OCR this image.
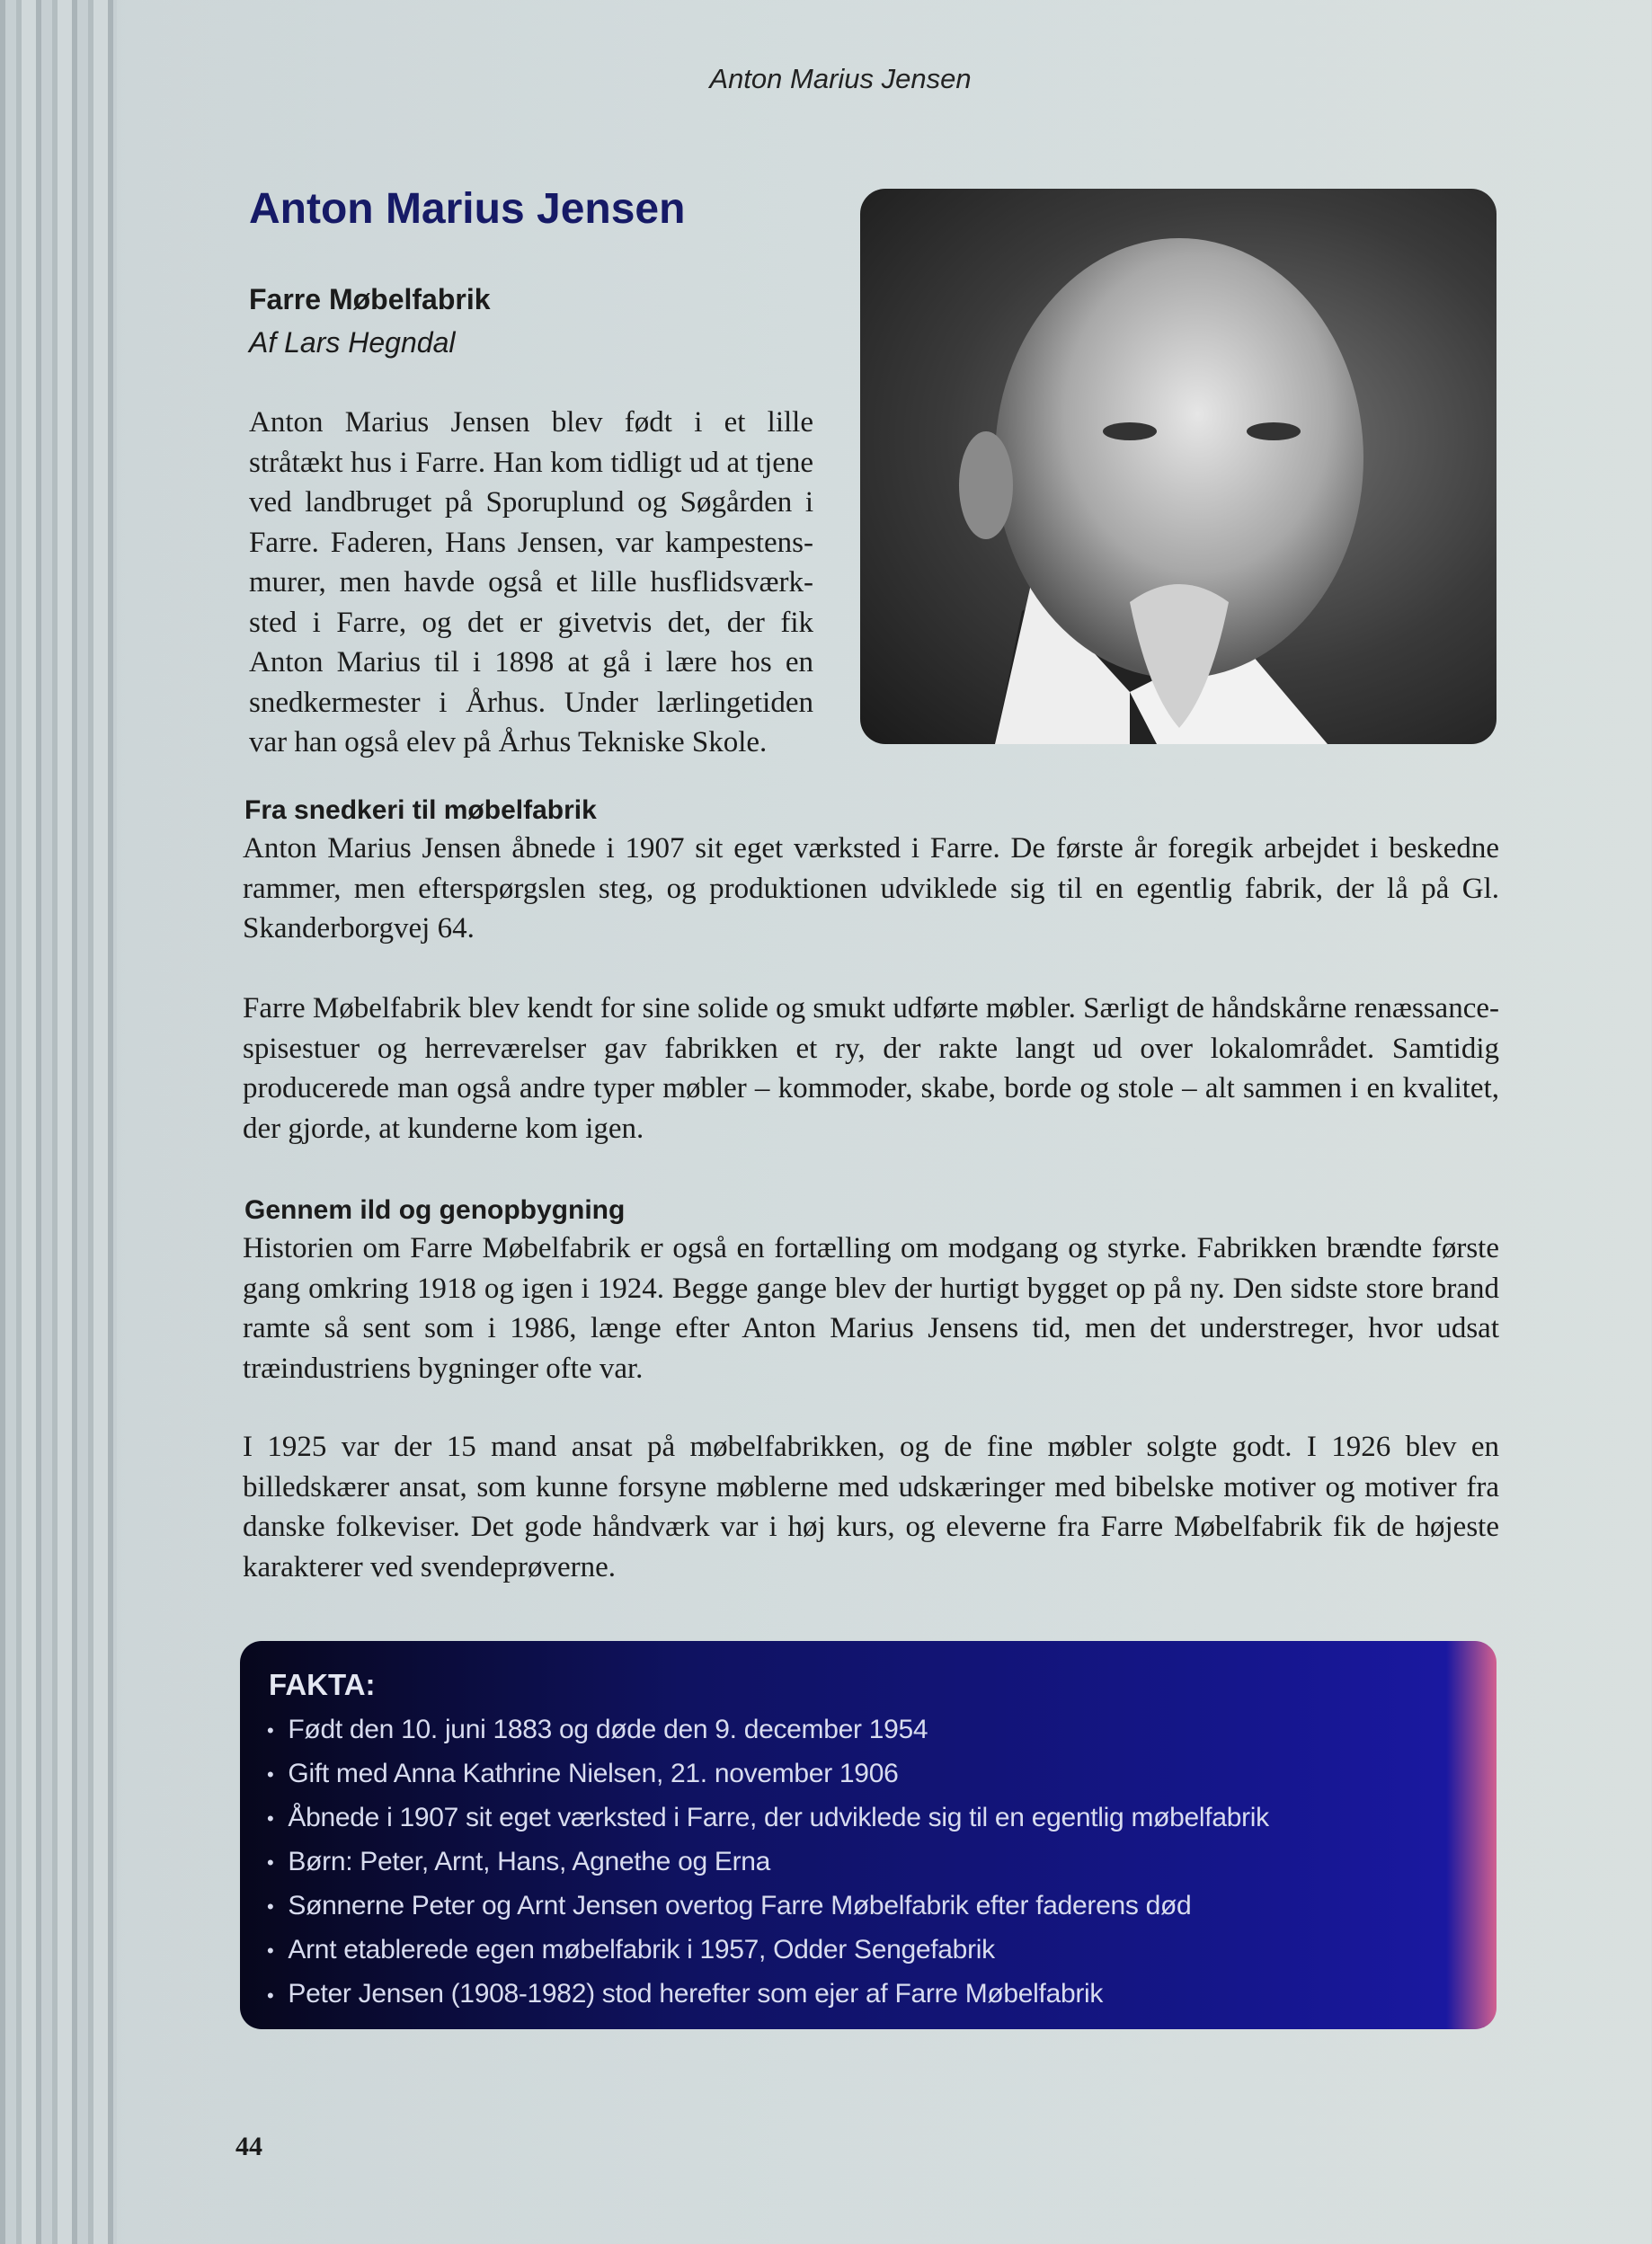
Anton Marius Jensen
Anton Marius Jensen
Farre Møbelfabrik
Af Lars Hegndal
Anton Marius Jensen blev født i et lille stråtækt hus i Farre. Han kom tidligt ud at tjene ved landbruget på Sporuplund og Søgården i Farre. Faderen, Hans Jensen, var kampestensmurer, men havde også et lille husflidsværksted i Farre, og det er givetvis det, der fik Anton Marius til i 1898 at gå i lære hos en snedkermester i Århus. Under lærlingetiden var han også elev på Århus Tekniske Skole.
Fra snedkeri til møbelfabrik
Anton Marius Jensen åbnede i 1907 sit eget værksted i Farre. De første år foregik arbejdet i beskedne rammer, men efterspørgslen steg, og produktionen udviklede sig til en egentlig fabrik, der lå på Gl. Skanderborgvej 64.
Farre Møbelfabrik blev kendt for sine solide og smukt udførte møbler. Særligt de håndskårne renæssance-spisestuer og herreværelser gav fabrikken et ry, der rakte langt ud over lokalområdet. Samtidig producerede man også andre typer møbler – kommoder, skabe, borde og stole – alt sammen i en kvalitet, der gjorde, at kunderne kom igen.
Gennem ild og genopbygning
Historien om Farre Møbelfabrik er også en fortælling om modgang og styrke. Fabrikken brændte første gang omkring 1918 og igen i 1924. Begge gange blev der hurtigt bygget op på ny. Den sidste store brand ramte så sent som i 1986, længe efter Anton Marius Jensens tid, men det understreger, hvor udsat træindustriens bygninger ofte var.
I 1925 var der 15 mand ansat på møbelfabrikken, og de fine møbler solgte godt. I 1926 blev en billedskærer ansat, som kunne forsyne møblerne med udskæringer med bibelske motiver og motiver fra danske folkeviser. Det gode håndværk var i høj kurs, og eleverne fra Farre Møbelfabrik fik de højeste karakterer ved svendeprøverne.
FAKTA:
• Født den 10. juni 1883 og døde den 9. december 1954
• Gift med Anna Kathrine Nielsen, 21. november 1906
• Åbnede i 1907 sit eget værksted i Farre, der udviklede sig til en egentlig møbelfabrik
• Børn: Peter, Arnt, Hans, Agnethe og Erna
• Sønnerne Peter og Arnt Jensen overtog Farre Møbelfabrik efter faderens død
• Arnt etablerede egen møbelfabrik i 1957, Odder Sengefabrik
• Peter Jensen (1908-1982) stod herefter som ejer af Farre Møbelfabrik
44
